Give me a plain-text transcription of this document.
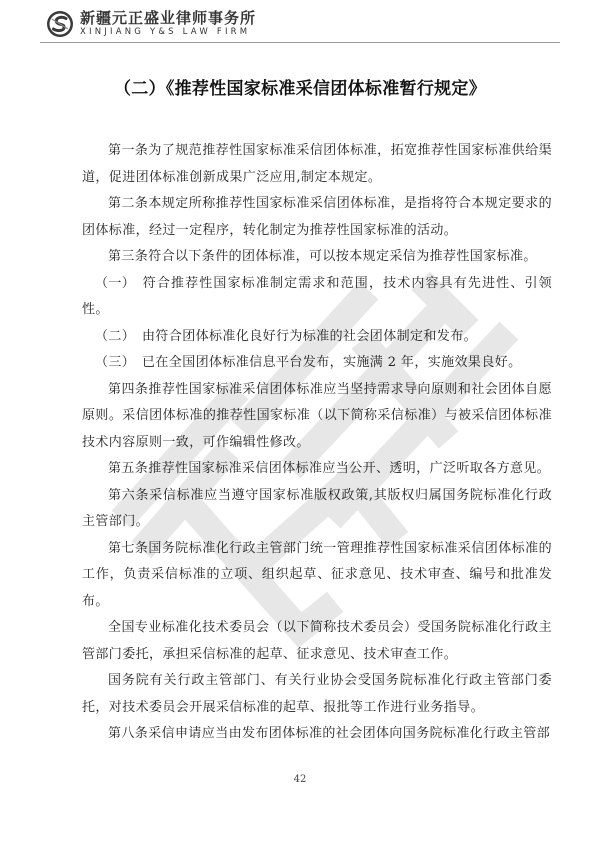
新疆元正盛业律师事务所
XINJIANG Y&S LAW FIRM
（二）《推荐性国家标准采信团体标准暂行规定》

第一条为了规范推荐性国家标准采信团体标准，拓宽推荐性国家标准供给渠道，促进团体标准创新成果广泛应用,制定本规定。

第二条本规定所称推荐性国家标准采信团体标准，是指将符合本规定要求的团体标准，经过一定程序，转化制定为推荐性国家标准的活动。

第三条符合以下条件的团体标准，可以按本规定采信为推荐性国家标准。

（一） 符合推荐性国家标准制定需求和范围，技术内容具有先进性、引领性。

（二） 由符合团体标准化良好行为标准的社会团体制定和发布。

（三） 已在全国团体标准信息平台发布，实施满 2 年，实施效果良好。

第四条推荐性国家标准采信团体标准应当坚持需求导向原则和社会团体自愿原则。采信团体标准的推荐性国家标准（以下简称采信标准）与被采信团体标准技术内容原则一致，可作编辑性修改。

第五条推荐性国家标准采信团体标准应当公开、透明，广泛听取各方意见。

第六条采信标准应当遵守国家标准版权政策,其版权归属国务院标准化行政主管部门。

第七条国务院标准化行政主管部门统一管理推荐性国家标准采信团体标准的工作，负责采信标准的立项、组织起草、征求意见、技术审查、编号和批准发布。

全国专业标准化技术委员会（以下简称技术委员会）受国务院标准化行政主管部门委托，承担采信标准的起草、征求意见、技术审查工作。

国务院有关行政主管部门、有关行业协会受国务院标准化行政主管部门委托，对技术委员会开展采信标准的起草、报批等工作进行业务指导。

第八条采信申请应当由发布团体标准的社会团体向国务院标准化行政主管部

42
